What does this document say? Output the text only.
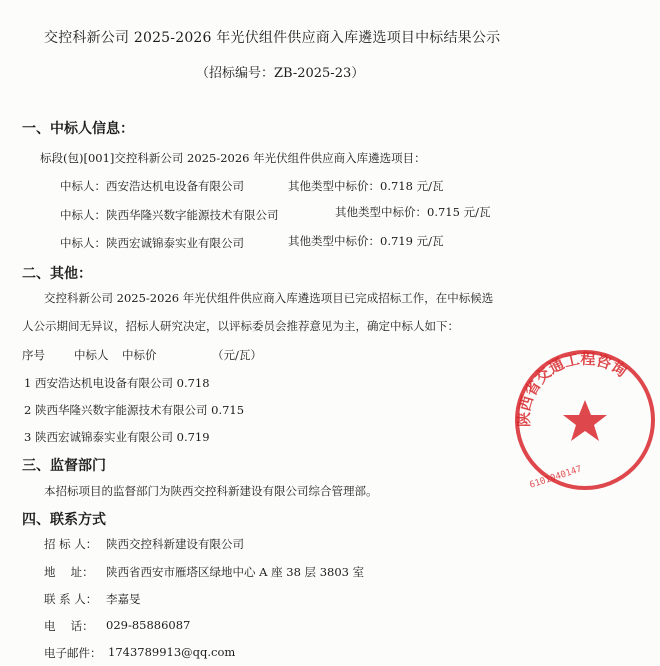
交控科新公司 2025-2026 年光伏组件供应商入库遴选项目中标结果公示
（招标编号：ZB-2025-23）
一、中标人信息：
标段(包)[001]交控科新公司 2025-2026 年光伏组件供应商入库遴选项目：
中标人：西安浩达机电设备有限公司	其他类型中标价：0.718 元/瓦
中标人：陕西华隆兴数字能源技术有限公司	其他类型中标价：0.715 元/瓦
中标人：陕西宏诚锦泰实业有限公司	其他类型中标价：0.719 元/瓦
二、其他：
交控科新公司 2025-2026 年光伏组件供应商入库遴选项目已完成招标工作，在中标候选
人公示期间无异议，招标人研究决定，以评标委员会推荐意见为主，确定中标人如下：
序号	中标人 中标价	（元/瓦）
1 西安浩达机电设备有限公司 0.718
2 陕西华隆兴数字能源技术有限公司 0.715
3 陕西宏诚锦泰实业有限公司 0.719
三、监督部门
本招标项目的监督部门为陕西交控科新建设有限公司综合管理部。
四、联系方式
招 标 人： 陕西交控科新建设有限公司
地　 址： 陕西省西安市雁塔区绿地中心 A 座 38 层 3803 室
联 系 人： 李嘉旻
电　 话： 029-85886087
电子邮件： 1743789913@qq.com
陕西省交通工程咨询
6101040147
